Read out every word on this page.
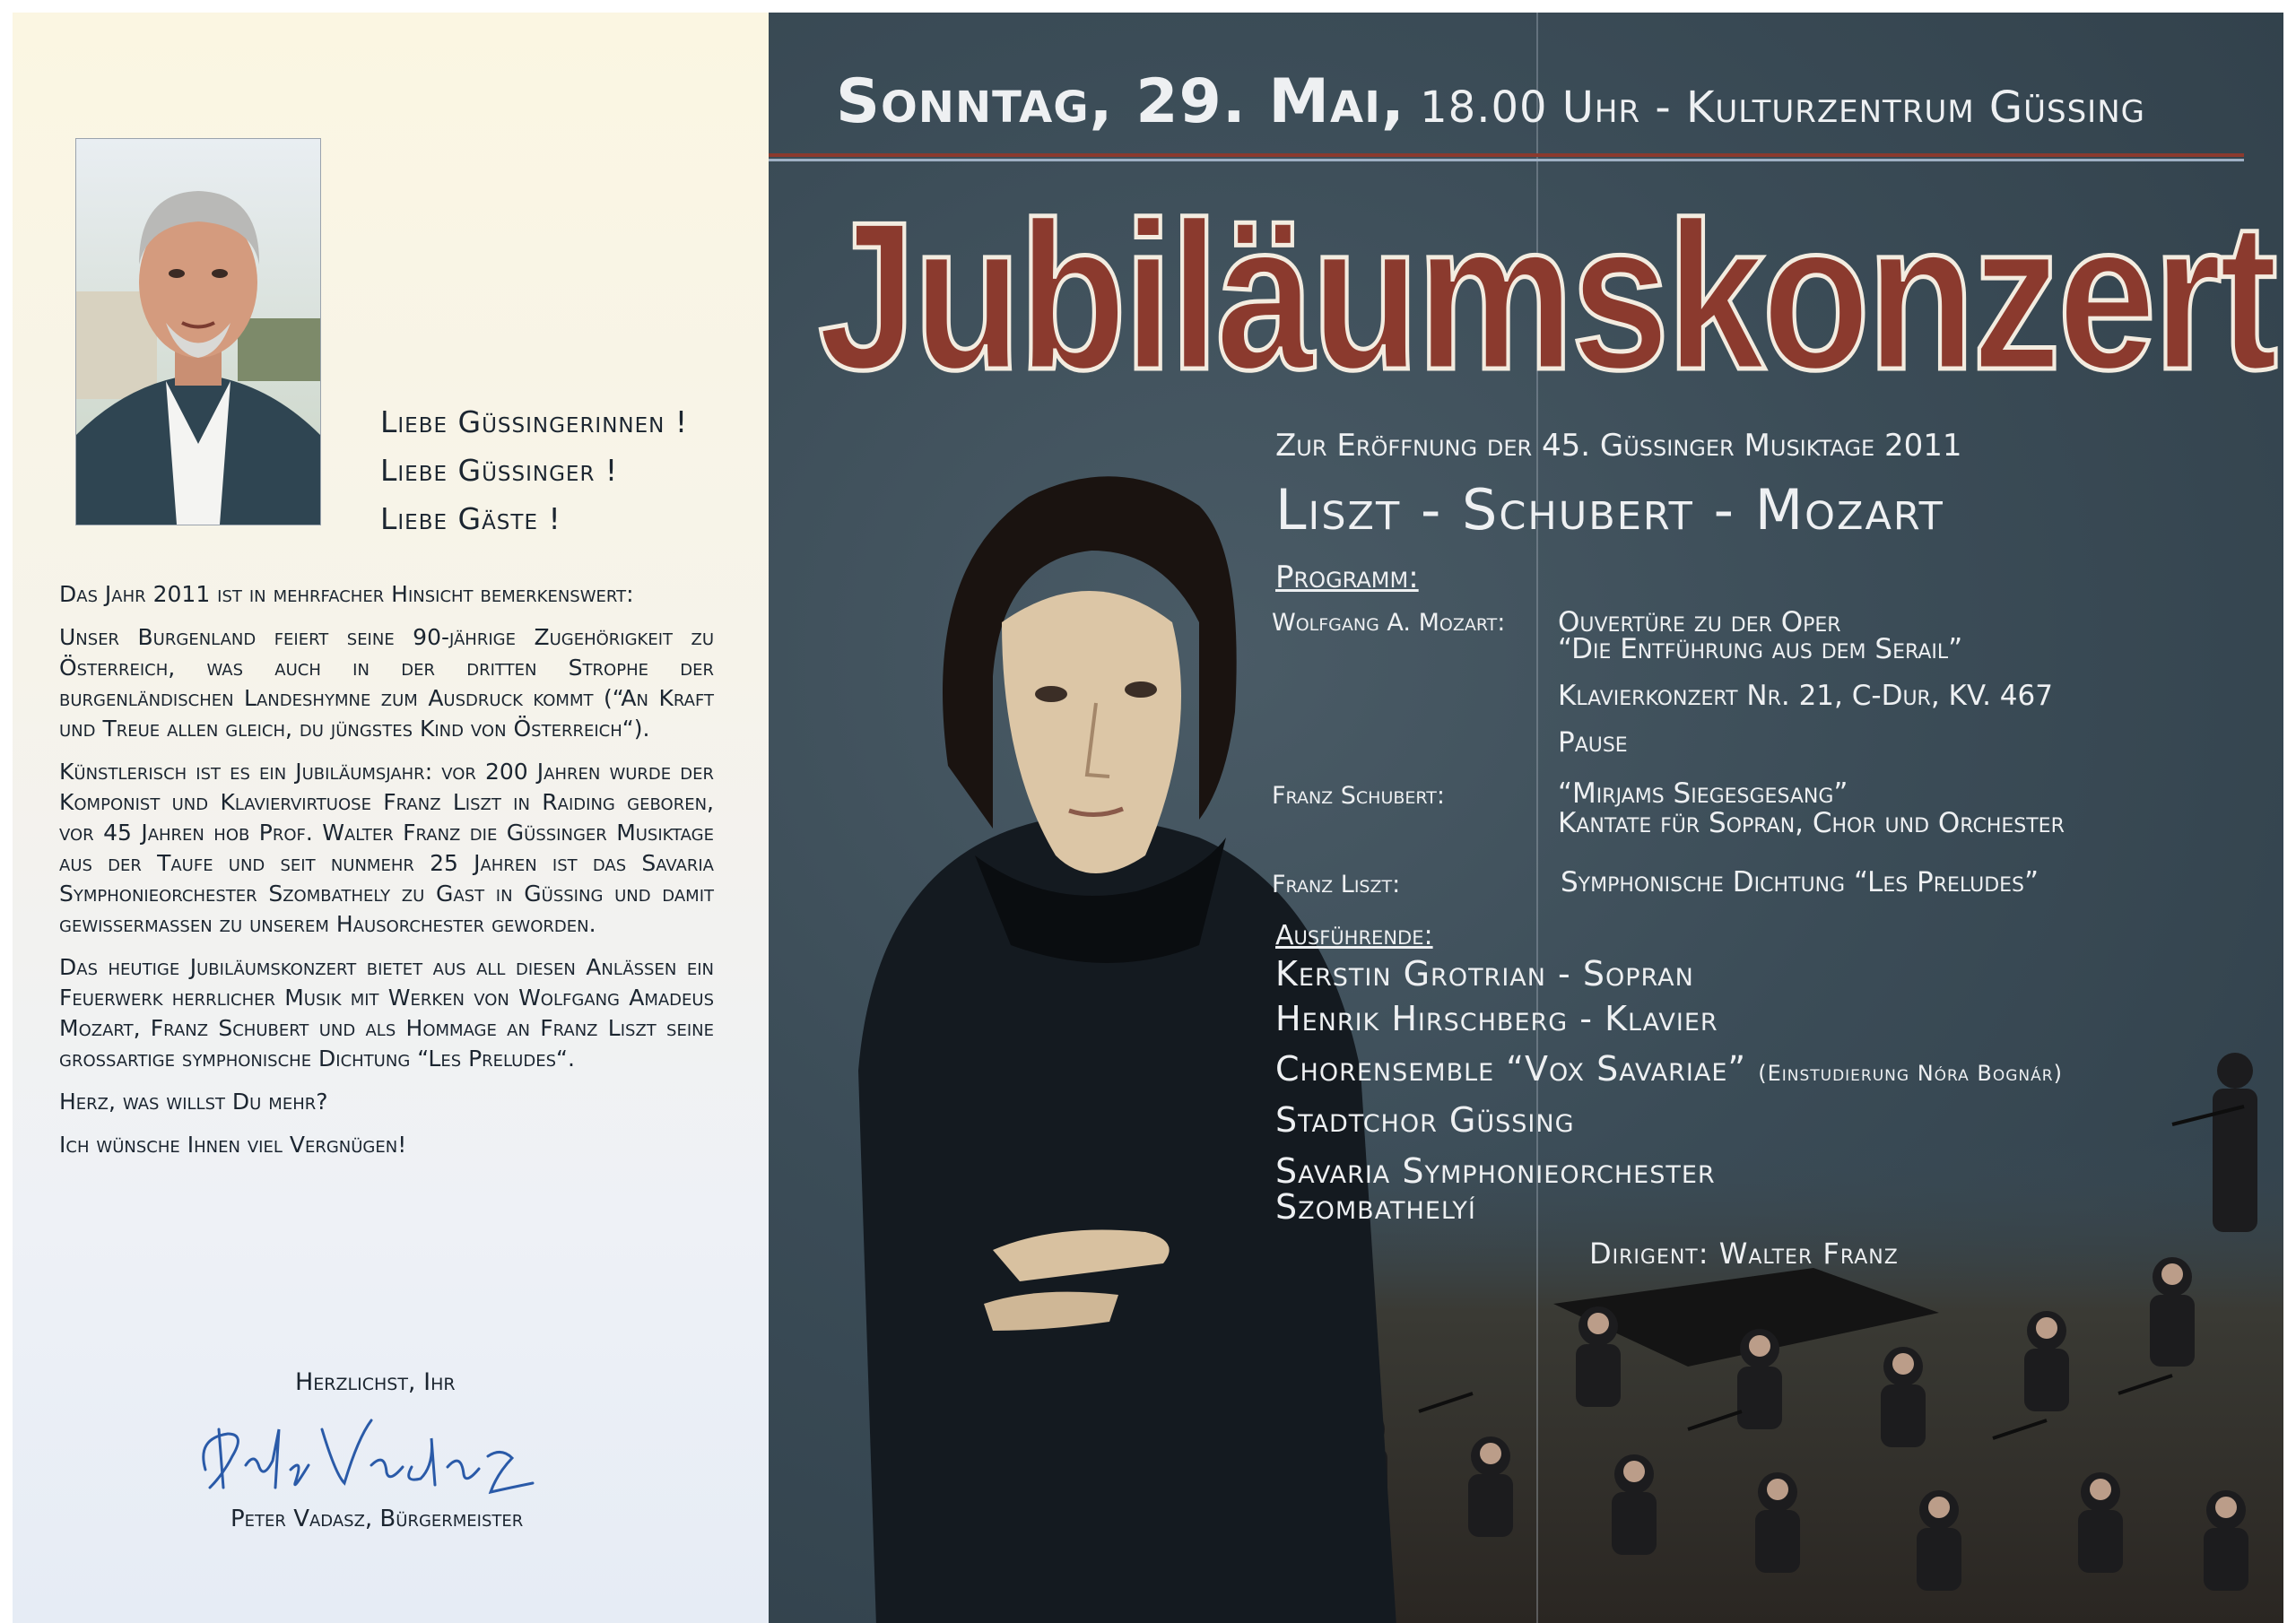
Liebe Güssingerinnen !
Liebe Güssinger !
Liebe Gäste !

Das Jahr 2011 ist in mehrfacher Hinsicht bemerkenswert:

Unser Burgenland feiert seine 90-jährige Zugehörigkeit zu Österreich, was auch in der dritten Strophe der burgenländischen Landeshymne zum Ausdruck kommt (“An Kraft und Treue allen gleich, du jüngstes Kind von Österreich“).

Künstlerisch ist es ein Jubiläumsjahr: vor 200 Jahren wurde der Komponist und Klaviervirtuose Franz Liszt in Raiding geboren, vor 45 Jahren hob Prof. Walter Franz die Güssinger Musiktage aus der Taufe und seit nunmehr 25 Jahren ist das Savaria Symphonieorchester Szombathely zu Gast in Güssing und damit gewissermassen zu unserem Hausorchester geworden.

Das heutige Jubiläumskonzert bietet aus all diesen Anlässen ein Feuerwerk herrlicher Musik mit Werken von Wolfgang Amadeus Mozart, Franz Schubert und als Hommage an Franz Liszt seine grossartige symphonische Dichtung “Les Preludes“.

Herz, was willst Du mehr?

Ich wünsche Ihnen viel Vergnügen!

Herzlichst, Ihr
Peter Vadasz, Bürgermeister
Sonntag, 29. Mai, 18.00 Uhr - Kulturzentrum Güssing
Jubiläumskonzert
Zur Eröffnung der 45. Güssinger Musiktage 2011
Liszt - Schubert - Mozart
Programm:
Wolfgang A. Mozart: Ouvertüre zu der Oper
“Die Entführung aus dem Serail”
Klavierkonzert Nr. 21, C-Dur, KV. 467
Pause
Franz Schubert:	“Mirjams Siegesgesang”
Kantate für Sopran, Chor und Orchester
Franz Liszt:	Symphonische Dichtung “Les Preludes”
Ausführende:
Kerstin Grotrian - Sopran
Henrik Hirschberg - Klavier
Chorensemble “Vox Savariae” (Einstudierung Nóra Bognár)
Stadtchor Güssing
Savaria Symphonieorchester
Szombathelyí
Dirigent: Walter Franz
